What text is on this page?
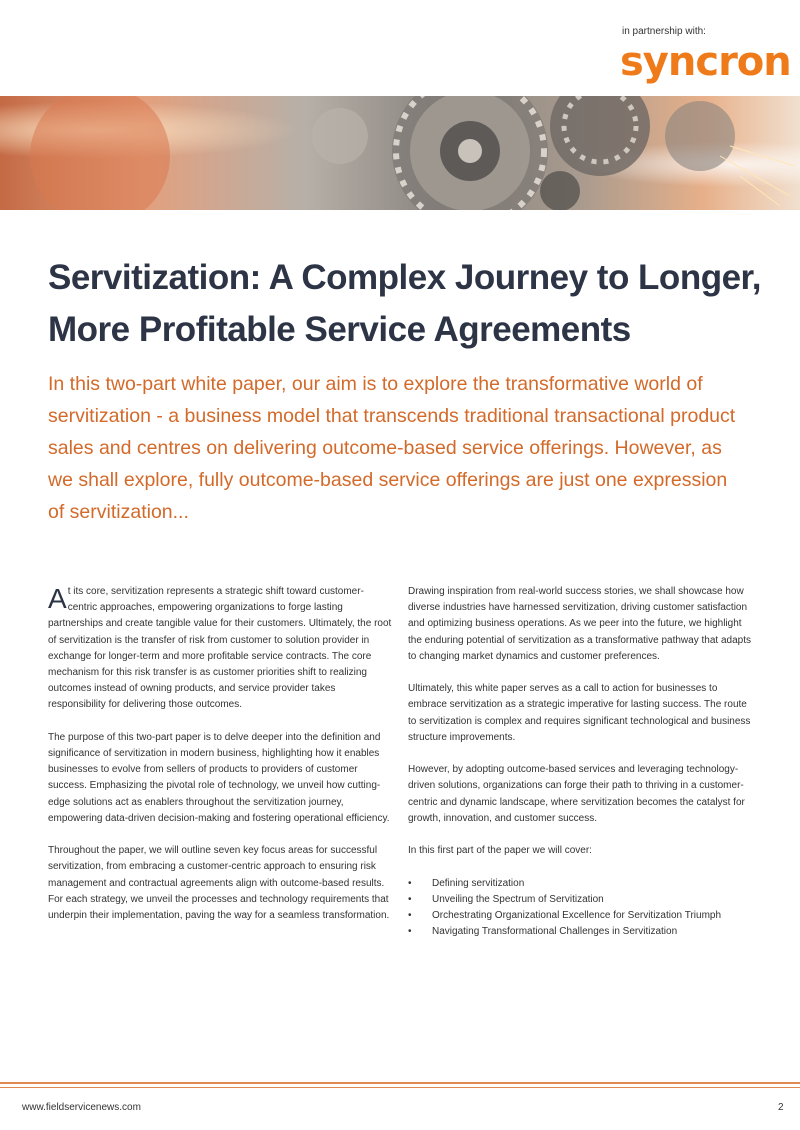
in partnership with:
syncron
Servitization: A Complex Journey to Longer, More Profitable Service Agreements

In this two-part white paper, our aim is to explore the transformative world of servitization - a business model that transcends traditional transactional product sales and centres on delivering outcome-based service offerings. However, as we shall explore, fully outcome-based service offerings are just one expression of servitization...

At its core, servitization represents a strategic shift toward customer-centric approaches, empowering organizations to forge lasting partnerships and create tangible value for their customers. Ultimately, the root of servitization is the transfer of risk from customer to solution provider in exchange for longer-term and more profitable service contracts. The core mechanism for this risk transfer is as customer priorities shift to realizing outcomes instead of owning products, and service provider takes responsibility for delivering those outcomes.

The purpose of this two-part paper is to delve deeper into the definition and significance of servitization in modern business, highlighting how it enables businesses to evolve from sellers of products to providers of customer success. Emphasizing the pivotal role of technology, we unveil how cutting-edge solutions act as enablers throughout the servitization journey, empowering data-driven decision-making and fostering operational efficiency.

Throughout the paper, we will outline seven key focus areas for successful servitization, from embracing a customer-centric approach to ensuring risk management and contractual agreements align with outcome-based results. For each strategy, we unveil the processes and technology requirements that underpin their implementation, paving the way for a seamless transformation.

Drawing inspiration from real-world success stories, we shall showcase how diverse industries have harnessed servitization, driving customer satisfaction and optimizing business operations. As we peer into the future, we highlight the enduring potential of servitization as a transformative pathway that adapts to changing market dynamics and customer preferences.

Ultimately, this white paper serves as a call to action for businesses to embrace servitization as a strategic imperative for lasting success. The route to servitization is complex and requires significant technological and business structure improvements.

However, by adopting outcome-based services and leveraging technology-driven solutions, organizations can forge their path to thriving in a customer-centric and dynamic landscape, where servitization becomes the catalyst for growth, innovation, and customer success.

In this first part of the paper we will cover:

• Defining servitization
• Unveiling the Spectrum of Servitization
• Orchestrating Organizational Excellence for Servitization Triumph
• Navigating Transformational Challenges in Servitization
www.fieldservicenews.com	2
